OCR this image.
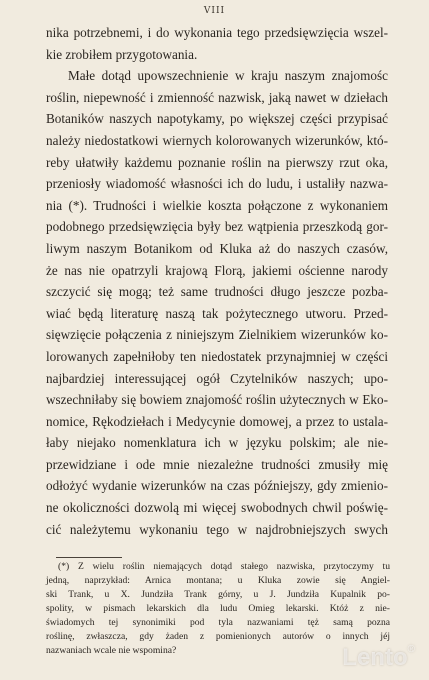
VIII
nika potrzebnemi, i do wykonania tego przedsięwzięcia wszel-
kie zrobiłem przygotowania.
Małe dotąd upowszechnienie w kraju naszym znajomośc
roślin, niepewność i zmienność nazwisk, jaką nawet w dziełach
Botaników naszych napotykamy, po większej części przypisać
należy niedostatkowi wiernych kolorowanych wizerunków, któ-
reby ułatwiły każdemu poznanie roślin na pierwszy rzut oka,
przeniosły wiadomość własności ich do ludu, i ustaliły nazwa-
nia (*). Trudności i wielkie koszta połączone z wykonaniem
podobnego przedsięwzięcia były bez wątpienia przeszkodą gor-
liwym naszym Botanikom od Kluka aż do naszych czasów,
że nas nie opatrzyli krajową Florą, jakiemi ościenne narody
szczycić się mogą; też same trudności długo jeszcze pozba-
wiać będą literaturę naszą tak pożytecznego utworu. Przed-
sięwzięcie połączenia z niniejszym Zielnikiem wizerunków ko-
lorowanych zapełniłoby ten niedostatek przynajmniej w części
najbardziej interessującej ogół Czytelników naszych; upo-
wszechniłaby się bowiem znajomość roślin użytecznych w Eko-
nomice, Rękodziełach i Medycynie domowej, a przez to ustala-
łaby niejako nomenklatura ich w języku polskim; ale nie-
przewidziane i ode mnie niezależne trudności zmusiły mię
odłożyć wydanie wizerunków na czas późniejszy, gdy zmienio-
ne okoliczności dozwolą mi więcej swobodnych chwil poświę-
cić należytemu wykonaniu tego w najdrobniejszych swych
(*) Z wielu roślin niemających dotąd stałego nazwiska, przytoczymy tu
jedną, naprzykład: Arnica montana; u Kluka zowie się Angiel-
ski Trank, u X. Jundziła Trank górny, u J. Jundziła Kupalnik po-
spolity, w pismach lekarskich dla ludu Omieg lekarski. Któż z nie-
świadomych tej synonimiki pod tyla nazwaniami tęż samą pozna
roślinę, zwłaszcza, gdy żaden z pomienionych autorów o innych jéj
nazwaniach wcale nie wspomina?	Lento®
